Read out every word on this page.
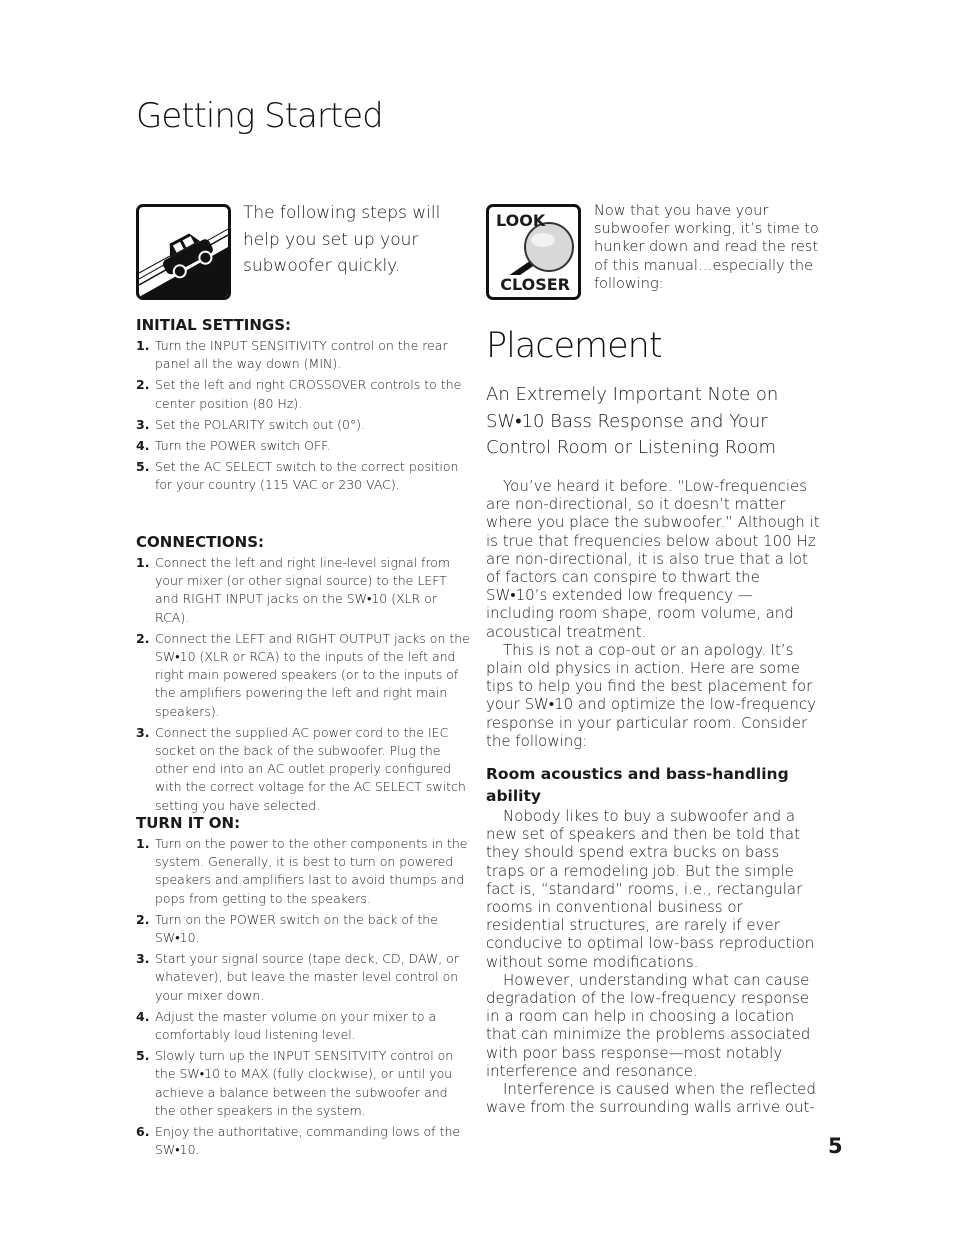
Getting Started
The following steps will help you set up your subwoofer quickly.
INITIAL SETTINGS:
1. Turn the INPUT SENSITIVITY control on the rear panel all the way down (MIN).
2. Set the left and right CROSSOVER controls to the center position (80 Hz).
3. Set the POLARITY switch out (0°).
4. Turn the POWER switch OFF.
5. Set the AC SELECT switch to the correct position for your country (115 VAC or 230 VAC).
CONNECTIONS:
1. Connect the left and right line-level signal from your mixer (or other signal source) to the LEFT and RIGHT INPUT jacks on the SW•10 (XLR or RCA).
2. Connect the LEFT and RIGHT OUTPUT jacks on the SW•10 (XLR or RCA) to the inputs of the left and right main powered speakers (or to the inputs of the amplifiers powering the left and right main speakers).
3. Connect the supplied AC power cord to the IEC socket on the back of the subwoofer. Plug the other end into an AC outlet properly configured with the correct voltage for the AC SELECT switch setting you have selected.
TURN IT ON:
1. Turn on the power to the other components in the system. Generally, it is best to turn on powered speakers and amplifiers last to avoid thumps and pops from getting to the speakers.
2. Turn on the POWER switch on the back of the SW•10.
3. Start your signal source (tape deck, CD, DAW, or whatever), but leave the master level control on your mixer down.
4. Adjust the master volume on your mixer to a comfortably loud listening level.
5. Slowly turn up the INPUT SENSITVITY control on the SW•10 to MAX (fully clockwise), or until you achieve a balance between the subwoofer and the other speakers in the system.
6. Enjoy the authoritative, commanding lows of the SW•10.
LOOK
CLOSER
Now that you have your subwoofer working, it’s time to hunker down and read the rest of this manual…especially the following:
Placement
An Extremely Important Note on SW•10 Bass Response and Your Control Room or Listening Room

You’ve heard it before. “Low-frequencies are non-directional, so it doesn’t matter where you place the subwoofer.” Although it is true that frequencies below about 100 Hz are non-directional, it is also true that a lot of factors can conspire to thwart the SW•10’s extended low frequency — including room shape, room volume, and acoustical treatment.

This is not a cop-out or an apology. It’s plain old physics in action. Here are some tips to help you find the best placement for your SW•10 and optimize the low-frequency response in your particular room. Consider the following:

Room acoustics and bass-handling ability

Nobody likes to buy a subwoofer and a new set of speakers and then be told that they should spend extra bucks on bass traps or a remodeling job. But the simple fact is, “standard” rooms, i.e., rectangular rooms in conventional business or residential structures, are rarely if ever conducive to optimal low-bass reproduction without some modifications.

However, understanding what can cause degradation of the low-frequency response in a room can help in choosing a location that can minimize the problems associated with poor bass response—most notably interference and resonance.

Interference is caused when the reflected wave from the surrounding walls arrive out-

5
